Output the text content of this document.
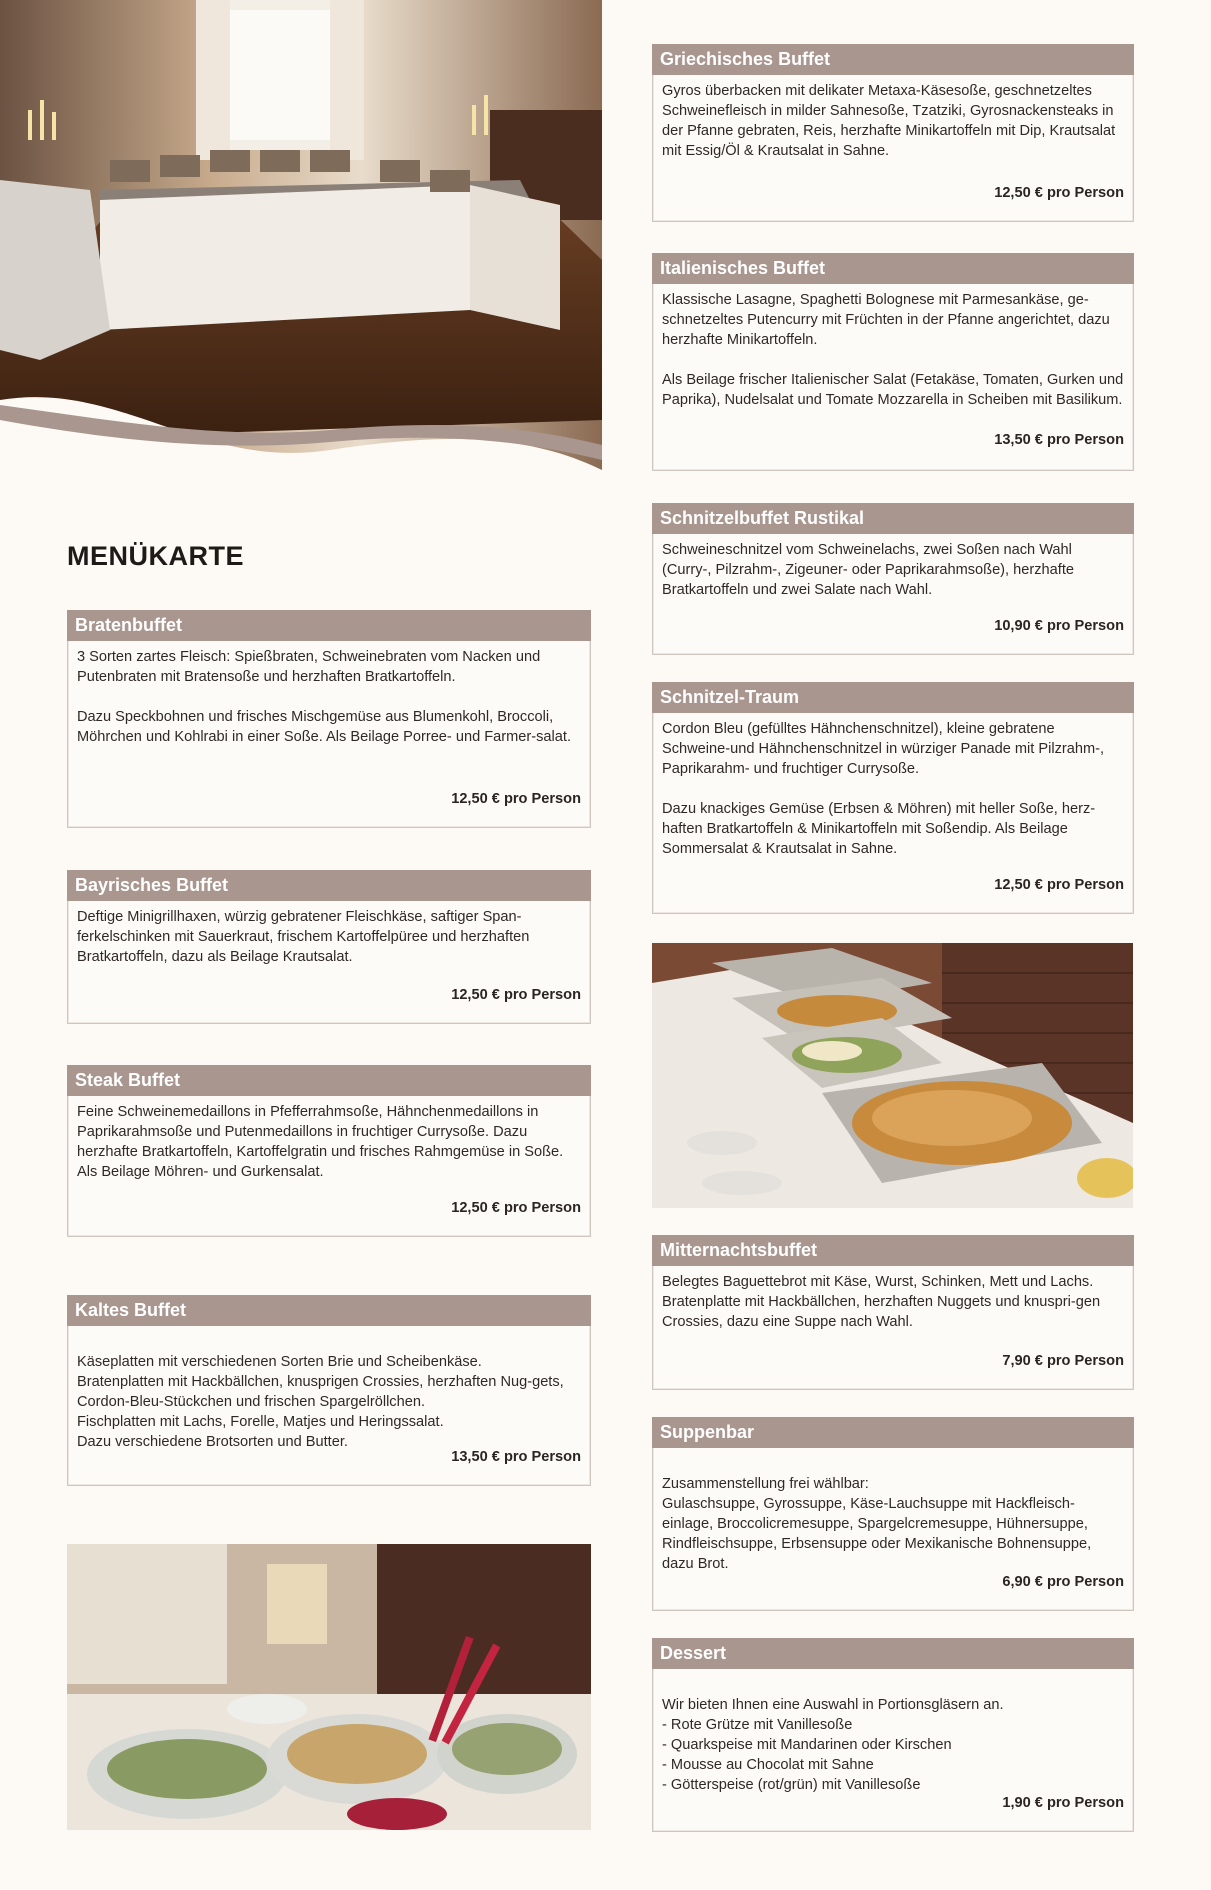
MENÜKARTE
Bratenbuffet

3 Sorten zartes Fleisch: Spießbraten, Schweinebraten vom Nacken und Putenbraten mit Bratensoße und herzhaften Bratkartoffeln.

Dazu Speckbohnen und frisches Mischgemüse aus Blumenkohl, Broccoli, Möhrchen und Kohlrabi in einer Soße. Als Beilage Porree- und Farmer-salat.

12,50 € pro Person
Bayrisches Buffet

Deftige Minigrillhaxen, würzig gebratener Fleischkäse, saftiger Span-ferkelschinken mit Sauerkraut, frischem Kartoffelpüree und herzhaften Bratkartoffeln, dazu als Beilage Krautsalat.

12,50 € pro Person
Steak Buffet

Feine Schweinemedaillons in Pfefferrahmsoße, Hähnchenmedaillons in Paprikarahmsoße und Putenmedaillons in fruchtiger Currysoße. Dazu herzhafte Bratkartoffeln, Kartoffelgratin und frisches Rahmgemüse in Soße. Als Beilage Möhren- und Gurkensalat.

12,50 € pro Person
Kaltes Buffet

Käseplatten mit verschiedenen Sorten Brie und Scheibenkäse.
Bratenplatten mit Hackbällchen, knusprigen Crossies, herzhaften Nug-gets, Cordon-Bleu-Stückchen und frischen Spargelröllchen.
Fischplatten mit Lachs, Forelle, Matjes und Heringssalat.
Dazu verschiedene Brotsorten und Butter.

13,50 € pro Person
Griechisches Buffet

Gyros überbacken mit delikater Metaxa-Käsesoße, geschnetzeltes Schweinefleisch in milder Sahnesoße, Tzatziki, Gyrosnackensteaks in der Pfanne gebraten, Reis, herzhafte Minikartoffeln mit Dip, Krautsalat mit Essig/Öl & Krautsalat in Sahne.

12,50 € pro Person
Italienisches Buffet

Klassische Lasagne, Spaghetti Bolognese mit Parmesankäse, ge-schnetzeltes Putencurry mit Früchten in der Pfanne angerichtet, dazu herzhafte Minikartoffeln.

Als Beilage frischer Italienischer Salat (Fetakäse, Tomaten, Gurken und Paprika), Nudelsalat und Tomate Mozzarella in Scheiben mit Basilikum.

13,50 € pro Person
Schnitzelbuffet Rustikal

Schweineschnitzel vom Schweinelachs, zwei Soßen nach Wahl (Curry-, Pilzrahm-, Zigeuner- oder Paprikarahmsoße), herzhafte Bratkartoffeln und zwei Salate nach Wahl.

10,90 € pro Person
Schnitzel-Traum

Cordon Bleu (gefülltes Hähnchenschnitzel), kleine gebratene Schweine-und Hähnchenschnitzel in würziger Panade mit Pilzrahm-, Paprikarahm- und fruchtiger Currysoße.

Dazu knackiges Gemüse (Erbsen & Möhren) mit heller Soße, herz-haften Bratkartoffeln & Minikartoffeln mit Soßendip. Als Beilage Sommersalat & Krautsalat in Sahne.

12,50 € pro Person
Mitternachtsbuffet

Belegtes Baguettebrot mit Käse, Wurst, Schinken, Mett und Lachs. Bratenplatte mit Hackbällchen, herzhaften Nuggets und knuspri-gen Crossies, dazu eine Suppe nach Wahl.

7,90 € pro Person
Suppenbar

Zusammenstellung frei wählbar:
Gulaschsuppe, Gyrossuppe, Käse-Lauchsuppe mit Hackfleisch-einlage, Broccolicremesuppe, Spargelcremesuppe, Hühnersuppe, Rindfleischsuppe, Erbsensuppe oder Mexikanische Bohnensuppe, dazu Brot.

6,90 € pro Person
Dessert

Wir bieten Ihnen eine Auswahl in Portionsgläsern an.
- Rote Grütze mit Vanillesoße
- Quarkspeise mit Mandarinen oder Kirschen
- Mousse au Chocolat mit Sahne
- Götterspeise (rot/grün) mit Vanillesoße

1,90 € pro Person
